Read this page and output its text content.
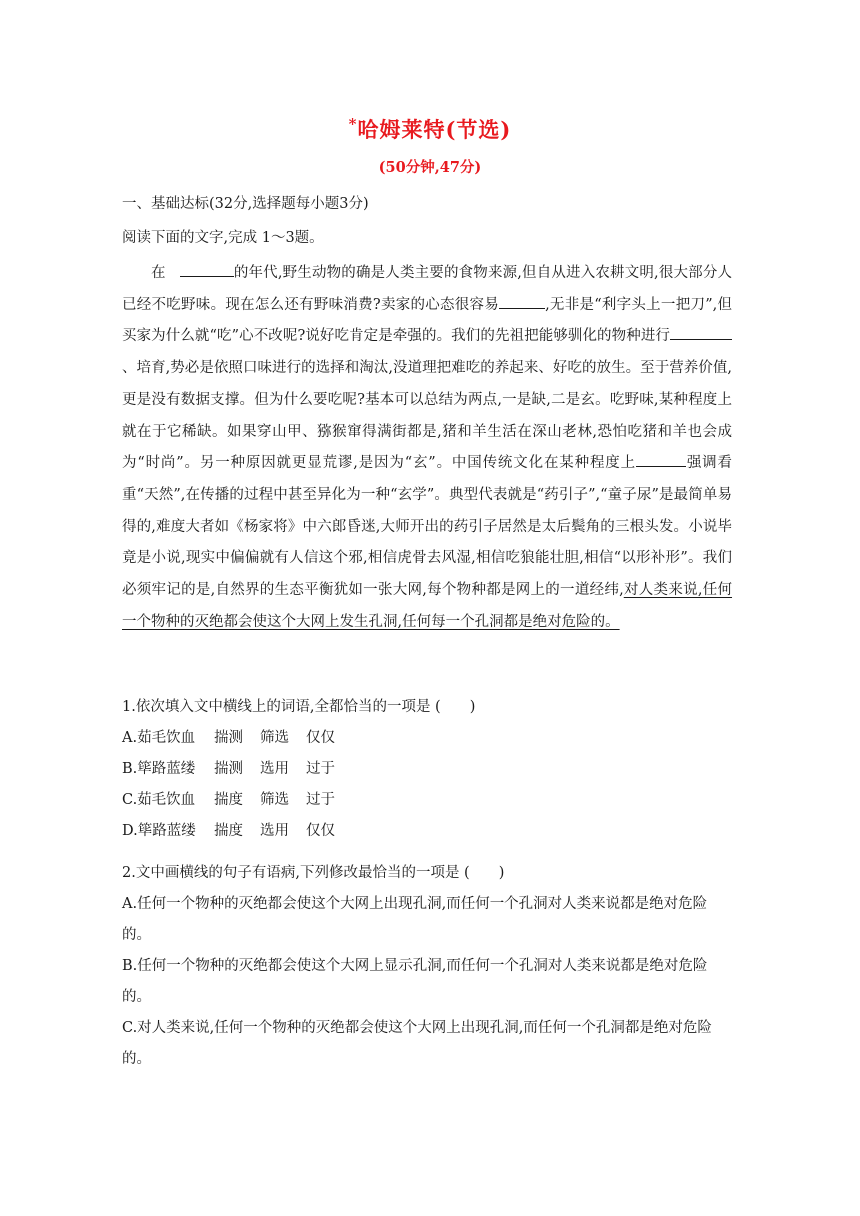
*哈姆莱特(节选)
(50分钟,47分)
一、基础达标(32分,选择题每小题3分)
阅读下面的文字,完成 1～3题。

在	的年代,野生动物的确是人类主要的食物来源,但自从进入农耕文明,很大部分人已经不吃野味。现在怎么还有野味消费?卖家的心态很容易	,无非是“利字头上一把刀”,但买家为什么就“吃”心不改呢?说好吃肯定是牵强的。我们的先祖把能够驯化的物种进行、培育,势必是依照口味进行的选择和淘汰,没道理把难吃的养起来、好吃的放生。至于营养价值,更是没有数据支撑。但为什么要吃呢?基本可以总结为两点,一是缺,二是玄。吃野味,某种程度上就在于它稀缺。如果穿山甲、猕猴窜得满街都是,猪和羊生活在深山老林,恐怕吃猪和羊也会成为“时尚”。另一种原因就更显荒谬,是因为“玄”。中国传统文化在某种程度上	强调看重“天然”,在传播的过程中甚至异化为一种“玄学”。典型代表就是“药引子”,“童子尿”是最简单易得的,难度大者如《杨家将》中六郎昏迷,大师开出的药引子居然是太后鬓角的三根头发。小说毕竟是小说,现实中偏偏就有人信这个邪,相信虎骨去风湿,相信吃狼能壮胆,相信“以形补形”。我们必须牢记的是,自然界的生态平衡犹如一张大网,每个物种都是网上的一道经纬,对人类来说,任何一个物种的灭绝都会使这个大网上发生孔洞,任何每一个孔洞都是绝对危险的。

1.依次填入文中横线上的词语,全都恰当的一项是 (　　)
A.茹毛饮血 揣测 筛选 仅仅
B.筚路蓝缕 揣测 选用 过于
C.茹毛饮血 揣度 筛选 过于
D.筚路蓝缕 揣度 选用 仅仅
2.文中画横线的句子有语病,下列修改最恰当的一项是 (　　)
A.任何一个物种的灭绝都会使这个大网上出现孔洞,而任何一个孔洞对人类来说都是绝对危险的。
B.任何一个物种的灭绝都会使这个大网上显示孔洞,而任何一个孔洞对人类来说都是绝对危险的。
C.对人类来说,任何一个物种的灭绝都会使这个大网上出现孔洞,而任何一个孔洞都是绝对危险的。
